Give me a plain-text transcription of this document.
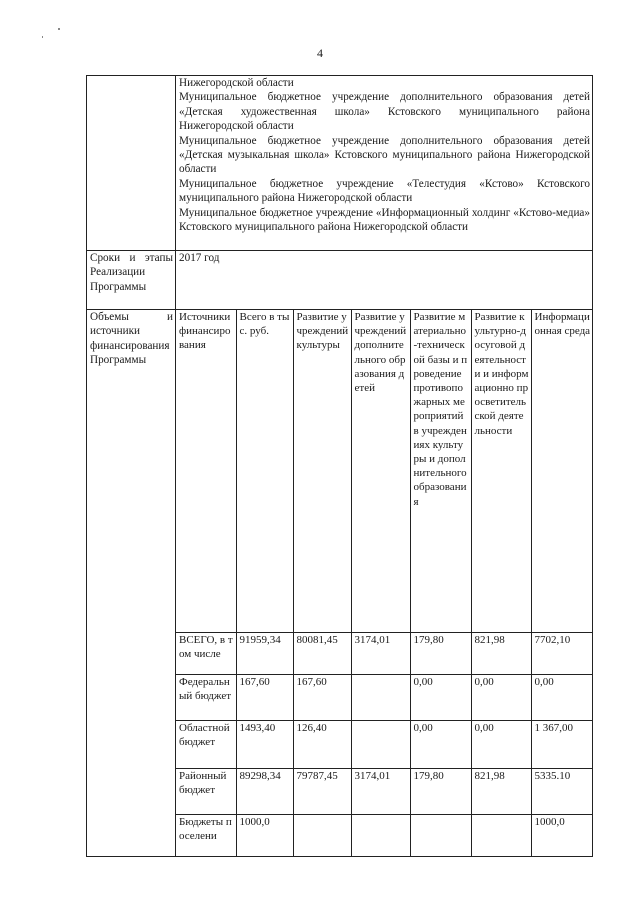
4

Нижегородской области
Муниципальное бюджетное учреждение дополнительного образования детей «Детская художественная школа» Кстовского муниципального района Нижегородской области
Муниципальное бюджетное учреждение дополнительного образования детей «Детская музыкальная школа» Кстовского муниципального района Нижегородской области
Муниципальное бюджетное учреждение «Телестудия «Кстово» Кстовского муниципального района Нижегородской области
Муниципальное бюджетное учреждение «Информационный холдинг «Кстово-медиа» Кстовского муниципального района Нижегородской области

Сроки и этапы Реализации Программы	2017 год
Объемы и источники финансирования Программы	
Источники финансирования	Всего в тыс. руб.	Развитие учреждений культуры	Развитие учреждений дополнительного образования детей	Развитие материально-технической базы и проведение противопожарных мероприятий в учреждениях культуры и дополнительного образования	Развитие культурно-досуговой деятельности и информационно просветительской деятельности	Информационная среда
ВСЕГО, в том числе	91959,34	80081,45	3174,01	179,80	821,98	7702,10
Федеральный бюджет	167,60	167,60		0,00	0,00	0,00
Областной бюджет	1493,40	126,40		0,00	0,00	1 367,00
Районный бюджет	89298,34	79787,45	3174,01	179,80	821,98	5335.10
Бюджеты поселени	1000,0					1000,0
